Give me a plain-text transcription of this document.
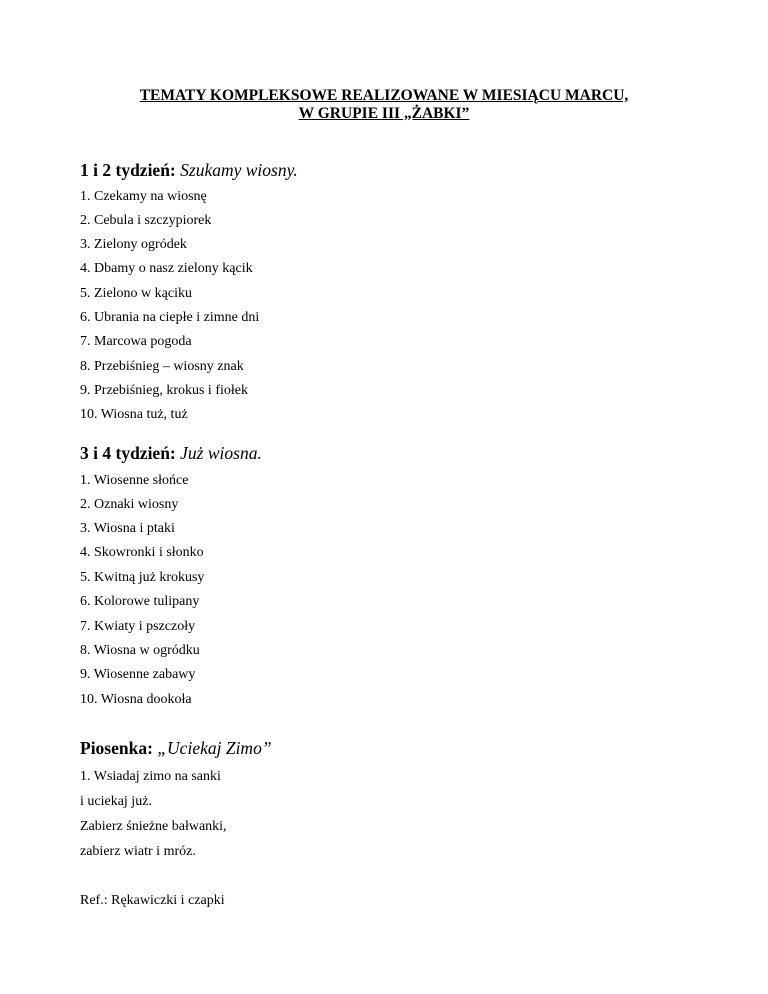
TEMATY KOMPLEKSOWE REALIZOWANE W MIESIĄCU MARCU,
W GRUPIE III „ŻABKI”
1 i 2 tydzień: Szukamy wiosny.
1. Czekamy na wiosnę
2. Cebula i szczypiorek
3. Zielony ogródek
4. Dbamy o nasz zielony kącik
5. Zielono w kąciku
6. Ubrania na ciepłe i zimne dni
7. Marcowa pogoda
8. Przebiśnieg – wiosny znak
9. Przebiśnieg, krokus i fiołek
10. Wiosna tuż, tuż
3 i 4 tydzień: Już wiosna.
1. Wiosenne słońce
2. Oznaki wiosny
3. Wiosna i ptaki
4. Skowronki i słonko
5. Kwitną już krokusy
6. Kolorowe tulipany
7. Kwiaty i pszczoły
8. Wiosna w ogródku
9. Wiosenne zabawy
10. Wiosna dookoła
Piosenka: „Uciekaj Zimo”
1. Wsiadaj zimo na sanki
i uciekaj już.
Zabierz śnieżne bałwanki,
zabierz wiatr i mróz.
Ref.: Rękawiczki i czapki
